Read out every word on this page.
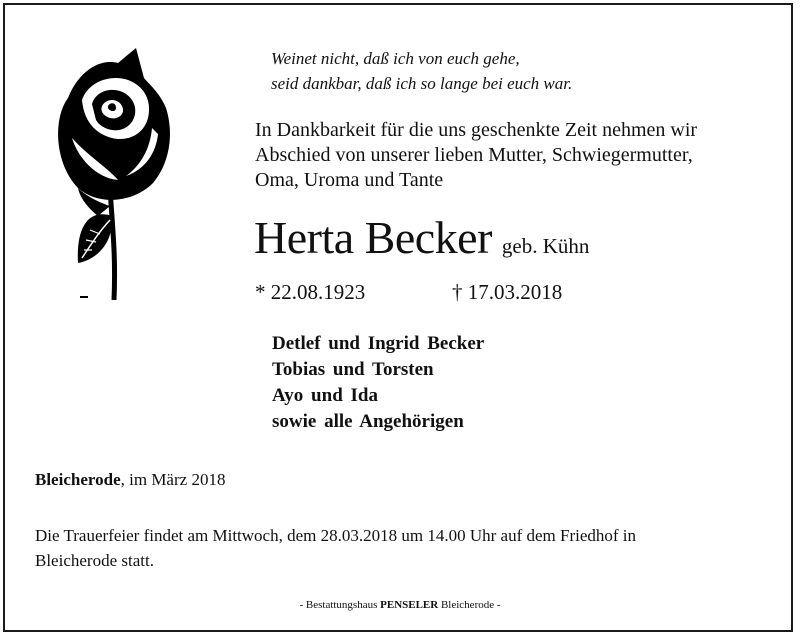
Weinet nicht, daß ich von euch gehe,
seid dankbar, daß ich so lange bei euch war.
In Dankbarkeit für die uns geschenkte Zeit nehmen wir
Abschied von unserer lieben Mutter, Schwiegermutter,
Oma, Uroma und Tante
Herta Becker geb. Kühn
* 22.08.1923	† 17.03.2018
Detlef und Ingrid Becker
Tobias und Torsten
Ayo und Ida
sowie alle Angehörigen
Bleicherode, im März 2018
Die Trauerfeier findet am Mittwoch, dem 28.03.2018 um 14.00 Uhr auf dem Friedhof in
Bleicherode statt.
- Bestattungshaus PENSELER Bleicherode -
